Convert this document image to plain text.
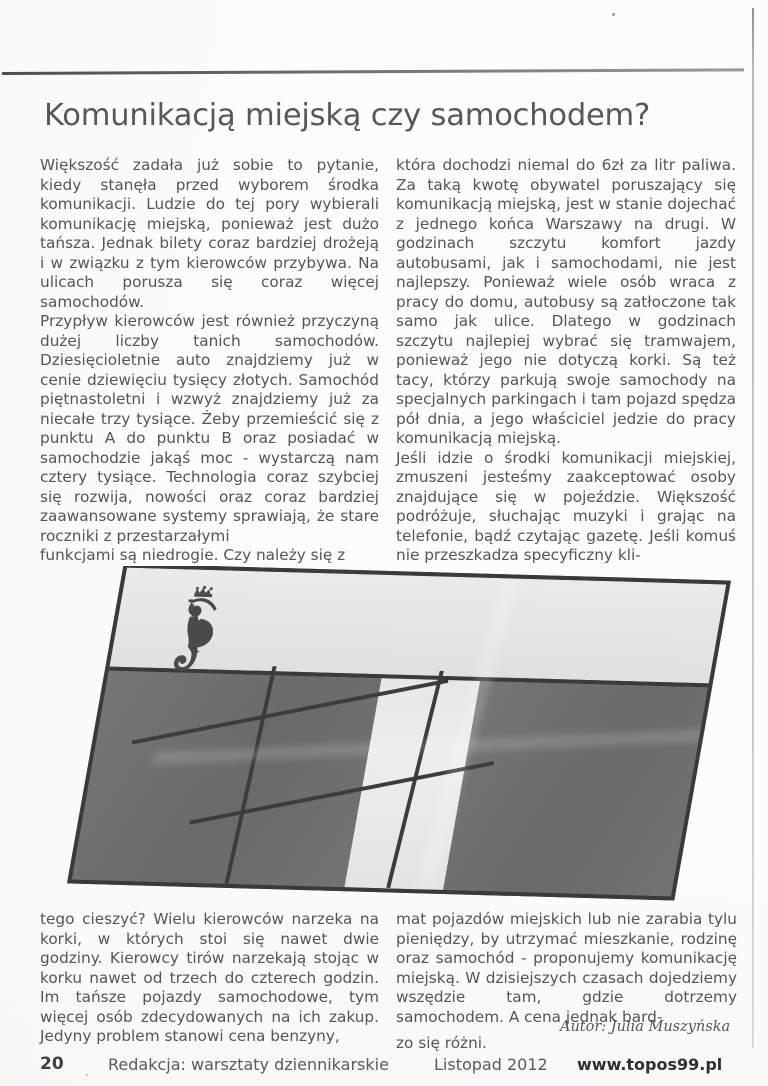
Komunikacją miejską czy samochodem?

Większość zadała już sobie to pytanie, kiedy stanęła przed wyborem środka komunikacji. Ludzie do tej pory wybierali komunikację miejską, ponieważ jest dużo tańsza. Jednak bilety coraz bardziej drożeją i w związku z tym kierowców przybywa. Na ulicach porusza się coraz więcej samochodów.

Przypływ kierowców jest również przyczyną dużej liczby tanich samochodów. Dziesięcioletnie auto znajdziemy już w cenie dziewięciu tysięcy złotych. Samochód piętnastoletni i wzwyż znajdziemy już za niecałe trzy tysiące. Żeby przemieścić się z punktu A do punktu B oraz posiadać w samochodzie jakąś moc - wystarczą nam cztery tysiące. Technologia coraz szybciej się rozwija, nowości oraz coraz bardziej zaawansowane systemy sprawiają, że stare roczniki z przestarzałymi

funkcjami są niedrogie. Czy należy się z

która dochodzi niemal do 6zł za litr paliwa. Za taką kwotę obywatel poruszający się komunikacją miejską, jest w stanie dojechać z jednego końca Warszawy na drugi. W godzinach szczytu komfort jazdy autobusami, jak i samochodami, nie jest najlepszy. Ponieważ wiele osób wraca z pracy do domu, autobusy są zatłoczone tak samo jak ulice. Dlatego w godzinach szczytu najlepiej wybrać się tramwajem, ponieważ jego nie dotyczą korki. Są też tacy, którzy parkują swoje samochody na specjalnych parkingach i tam pojazd spędza pół dnia, a jego właściciel jedzie do pracy komunikacją miejską.

Jeśli idzie o środki komunikacji miejskiej, zmuszeni jesteśmy zaakceptować osoby znajdujące się w pojeździe. Większość podróżuje, słuchając muzyki i grając na telefonie, bądź czytając gazetę. Jeśli komuś nie przeszkadza specyficzny kli-

tego cieszyć? Wielu kierowców narzeka na korki, w których stoi się nawet dwie godziny. Kierowcy tirów narzekają stojąc w korku nawet od trzech do czterech godzin. Im tańsze pojazdy samochodowe, tym więcej osób zdecydowanych na ich zakup. Jedyny problem stanowi cena benzyny,

mat pojazdów miejskich lub nie zarabia tylu pieniędzy, by utrzymać mieszkanie, rodzinę oraz samochód - proponujemy komunikację miejską. W dzisiejszych czasach dojedziemy wszędzie tam, gdzie dotrzemy samochodem. A cena jednak bard-

Autor: Julia Muszyńska
zo się różni.
20	Redakcja: warsztaty dziennikarskie	Listopad 2012 www.topos99.pl
